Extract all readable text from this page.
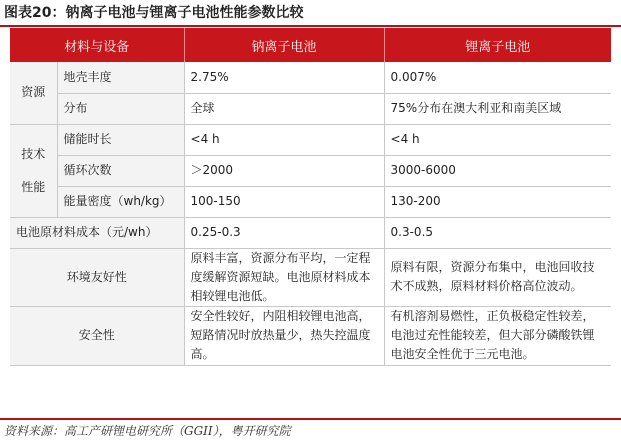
图表20：钠离子电池与锂离子电池性能参数比较
材料与设备		钠离子电池	锂离子电池
资源	地壳丰度	2.75%	0.007%
	分布	全球	75%分布在澳大利亚和南美区域

技术
性能	储能时长	<4 h	<4 h
	循环次数	＞2000	3000-6000
	能量密度（wh/kg）	100-150	130-200
电池原材料成本（元/wh）		0.25-0.3	0.3-0.5
环境友好性		原料丰富，资源分布平均，一定程度缓解资源短缺。电池原材料成本相较锂电池低。	原料有限，资源分布集中，电池回收技术不成熟，原料材料价格高位波动。
安全性		安全性较好，内阻相较锂电池高，短路情况时放热量少，热失控温度高。	有机溶剂易燃性，正负极稳定性较差，电池过充性能较差，但大部分磷酸铁锂电池安全性优于三元电池。
资料来源：高工产研锂电研究所（GGII），粤开研究院
